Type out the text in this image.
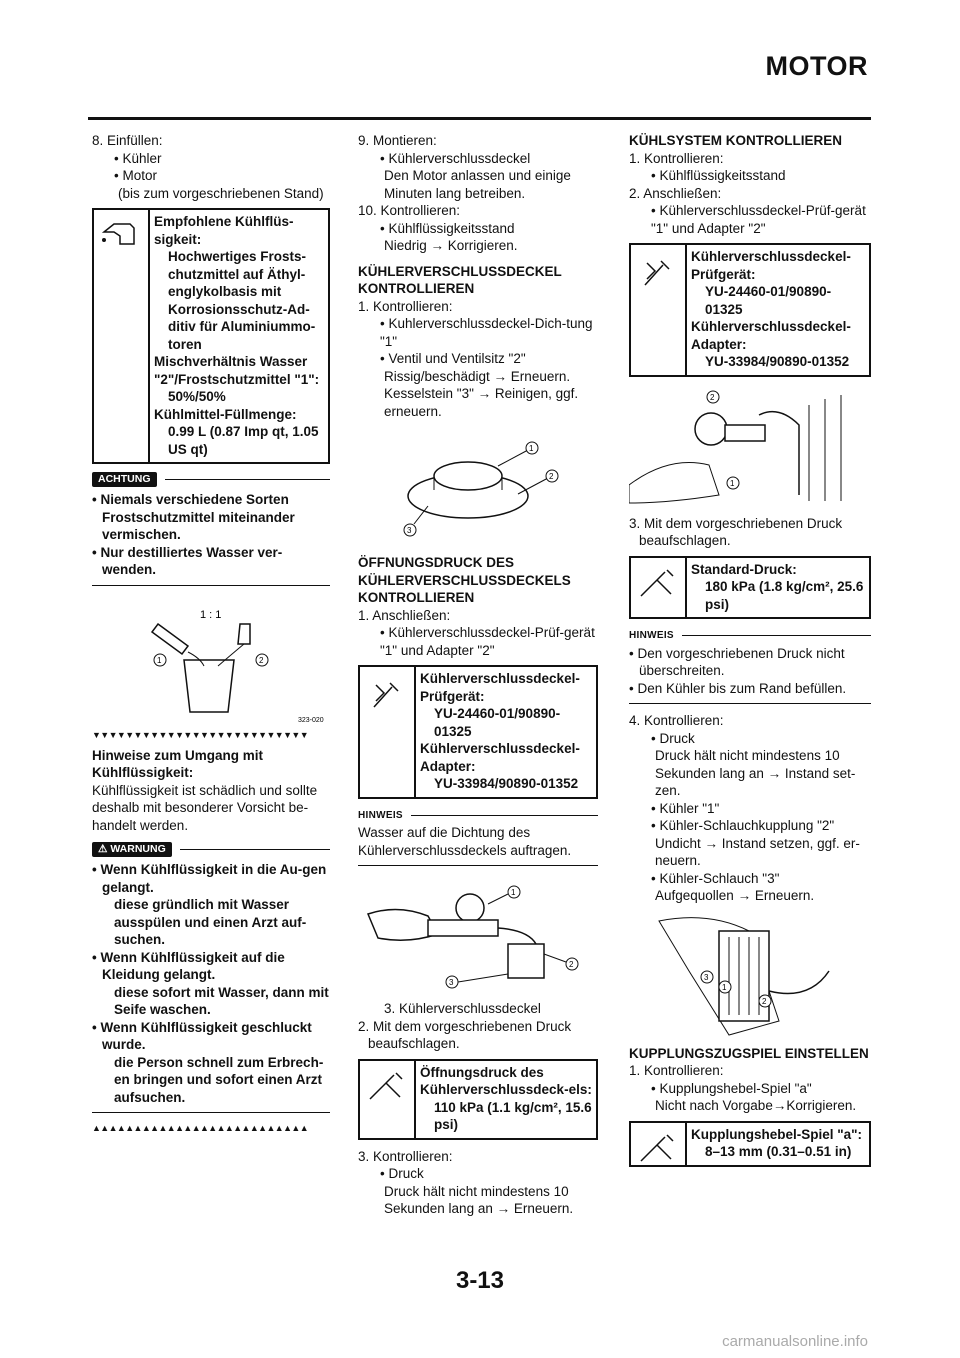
MOTOR

8. Einfüllen:

• Kühler

• Motor

(bis zum vorgeschriebenen Stand)

Empfohlene Kühlflüs-sigkeit:

Hochwertiges Frosts-chutzmittel auf Äthyl-englykolbasis mit Korrosionsschutz-Ad-ditiv für Aluminiummo-toren

Mischverhältnis Wasser "2"/Frostschutzmittel "1":

50%/50%

Kühlmittel-Füllmenge:

0.99 L (0.87 Imp qt, 1.05 US qt)

ACHTUNG

• Niemals verschiedene Sorten Frostschutzmittel miteinander vermischen.

• Nur destilliertes Wasser ver-wenden.

1 : 1
1	2
323-020
▼▼▼▼▼▼▼▼▼▼▼▼▼▼▼▼▼▼▼▼▼▼▼▼▼▼

Hinweise zum Umgang mit Kühlflüssigkeit:

Kühlflüssigkeit ist schädlich und sollte deshalb mit besonderer Vorsicht be-handelt werden.

⚠ WARNUNG

• Wenn Kühlflüssigkeit in die Au-gen gelangt.

diese gründlich mit Wasser ausspülen und einen Arzt auf-suchen.

• Wenn Kühlflüssigkeit auf die Kleidung gelangt.

diese sofort mit Wasser, dann mit Seife waschen.

• Wenn Kühlflüssigkeit geschluckt wurde.

die Person schnell zum Erbrech-en bringen und sofort einen Arzt aufsuchen.

▲▲▲▲▲▲▲▲▲▲▲▲▲▲▲▲▲▲▲▲▲▲▲▲▲▲

9. Montieren:

• Kühlerverschlussdeckel

Den Motor anlassen und einige Minuten lang betreiben.

10. Kontrollieren:

• Kühlflüssigkeitsstand

Niedrig → Korrigieren.

KÜHLERVERSCHLUSSDECKEL KONTROLLIEREN

1. Kontrollieren:

• Kuhlerverschlussdeckel-Dich-tung "1"

• Ventil und Ventilsitz "2"

Rissig/beschädigt → Erneuern. Kesselstein "3" → Reinigen, ggf. erneuern.

1
2
3

ÖFFNUNGSDRUCK DES KÜHLERVERSCHLUSSDECKELS KONTROLLIEREN

1. Anschließen:

• Kühlerverschlussdeckel-Prüf-gerät "1" und Adapter "2"

Kühlerverschlussdeckel-Prüfgerät:

YU-24460-01/90890-01325

Kühlerverschlussdeckel-Adapter:

YU-33984/90890-01352

HINWEIS

Wasser auf die Dichtung des Kühlerverschlussdeckels auftragen.

1
2
3

3. Kühlerverschlussdeckel

2. Mit dem vorgeschriebenen Druck beaufschlagen.

Öffnungsdruck des Kühlerverschlussdeck-els:

110 kPa (1.1 kg/cm², 15.6 psi)

3. Kontrollieren:

• Druck

Druck hält nicht mindestens 10 Sekunden lang an → Erneuern.

KÜHLSYSTEM KONTROLLIEREN

1. Kontrollieren:

• Kühlflüssigkeitsstand

2. Anschließen:

• Kühlerverschlussdeckel-Prüf-gerät "1" und Adapter "2"

Kühlerverschlussdeckel-Prüfgerät:

YU-24460-01/90890-01325

Kühlerverschlussdeckel-Adapter:

YU-33984/90890-01352

2
1

3. Mit dem vorgeschriebenen Druck beaufschlagen.

Standard-Druck:

180 kPa (1.8 kg/cm², 25.6 psi)

HINWEIS

• Den vorgeschriebenen Druck nicht überschreiten.

• Den Kühler bis zum Rand befüllen.

4. Kontrollieren:

• Druck

Druck hält nicht mindestens 10 Sekunden lang an → Instand set-zen.

• Kühler "1"

• Kühler-Schlauchkupplung "2"

Undicht → Instand setzen, ggf. er-neuern.

• Kühler-Schlauch "3"

Aufgequollen → Erneuern.

3
1
2

KUPPLUNGSZUGSPIEL EINSTELLEN

1. Kontrollieren:

• Kupplungshebel-Spiel "a"

Nicht nach Vorgabe→Korrigieren.

Kupplungshebel-Spiel "a":

8–13 mm (0.31–0.51 in)

3-13
carmanualsonline.info
